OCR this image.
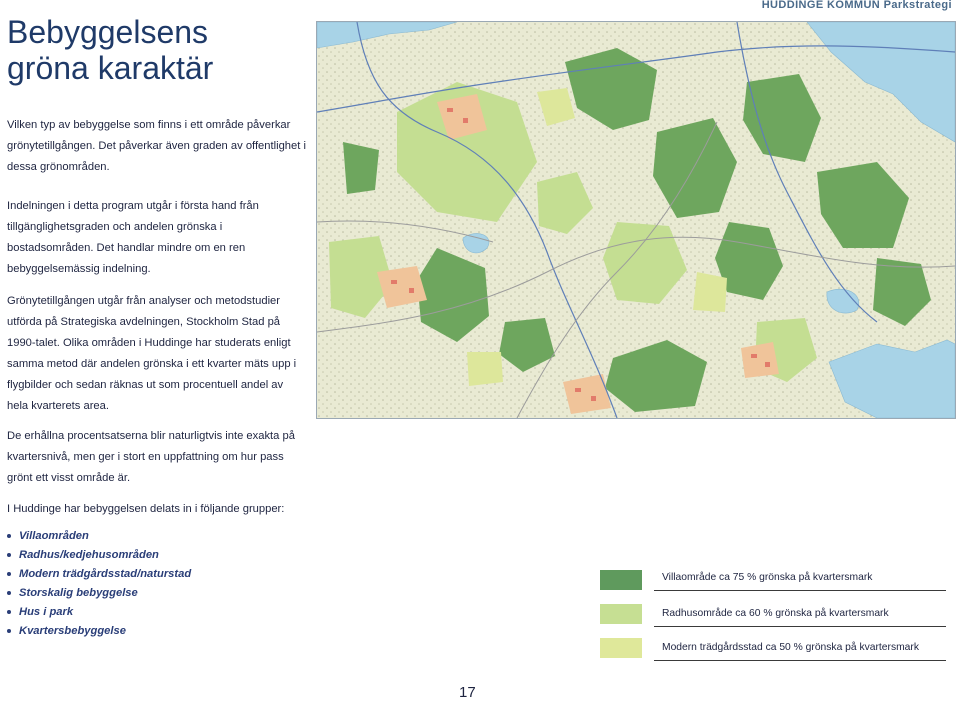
HUDDINGE KOMMUN Parkstrategi
Bebyggelsens
gröna karaktär

Vilken typ av bebyggelse som finns i ett område påverkar grönytetillgången. Det påverkar även graden av offentlighet i dessa grönområden.

Indelningen i detta program utgår i första hand från tillgänglighetsgraden och andelen grönska i bostadsområden. Det handlar mindre om en ren bebyggelsemässig indelning.

Grönytetillgången utgår från analyser och metodstudier utförda på Strategiska avdelningen, Stockholm Stad på 1990-talet. Olika områden i Huddinge har studerats enligt samma metod där andelen grönska i ett kvarter mäts upp i flygbilder och sedan räknas ut som procentuell andel av hela kvarterets area.

De erhållna procentsatserna blir naturligtvis inte exakta på kvartersnivå, men ger i stort en uppfattning om hur pass grönt ett visst område är.

I Huddinge har bebyggelsen delats in i följande grupper:

Villaområden
Radhus/kedjehusområden
Modern trädgårdsstad/naturstad
Storskalig bebyggelse
Hus i park
Kvartersbebyggelse
Villaområde ca 75 % grönska på kvartersmark
Radhusområde ca 60 % grönska på kvartersmark
Modern trädgårdsstad ca 50 % grönska på kvartersmark
17
